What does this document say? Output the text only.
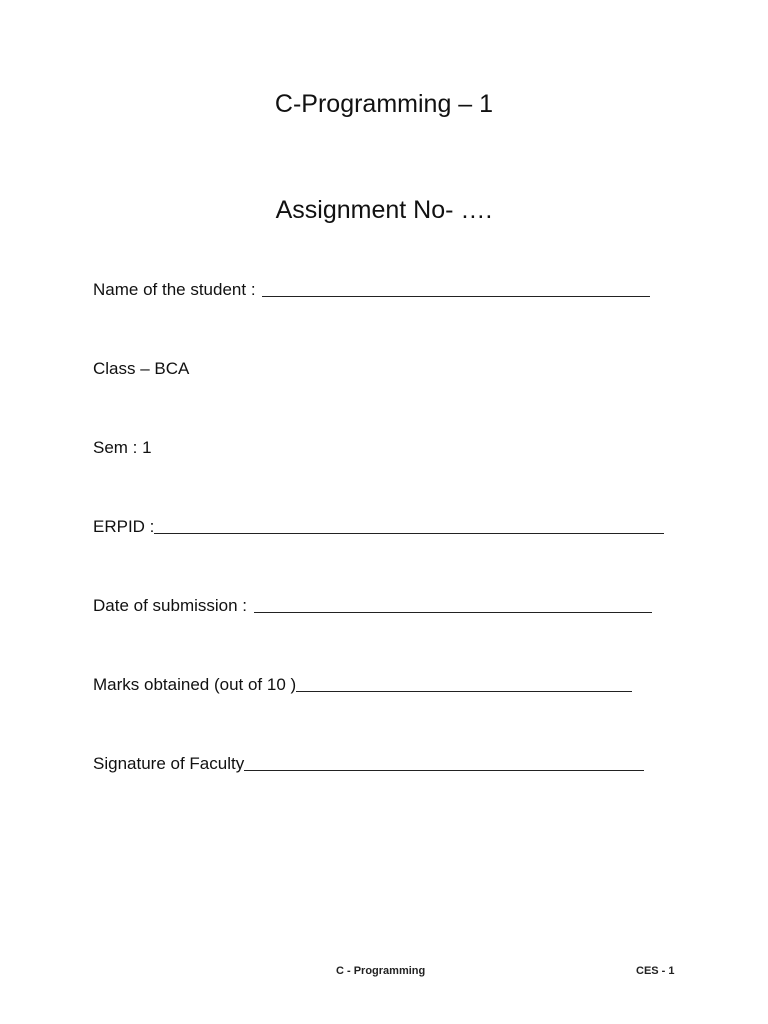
C-Programming – 1
Assignment No- ….
Name of the student :
Class – BCA
Sem : 1
ERPID :
Date of submission :
Marks obtained (out of 10 )
Signature of Faculty
C - Programming	CES - 1
